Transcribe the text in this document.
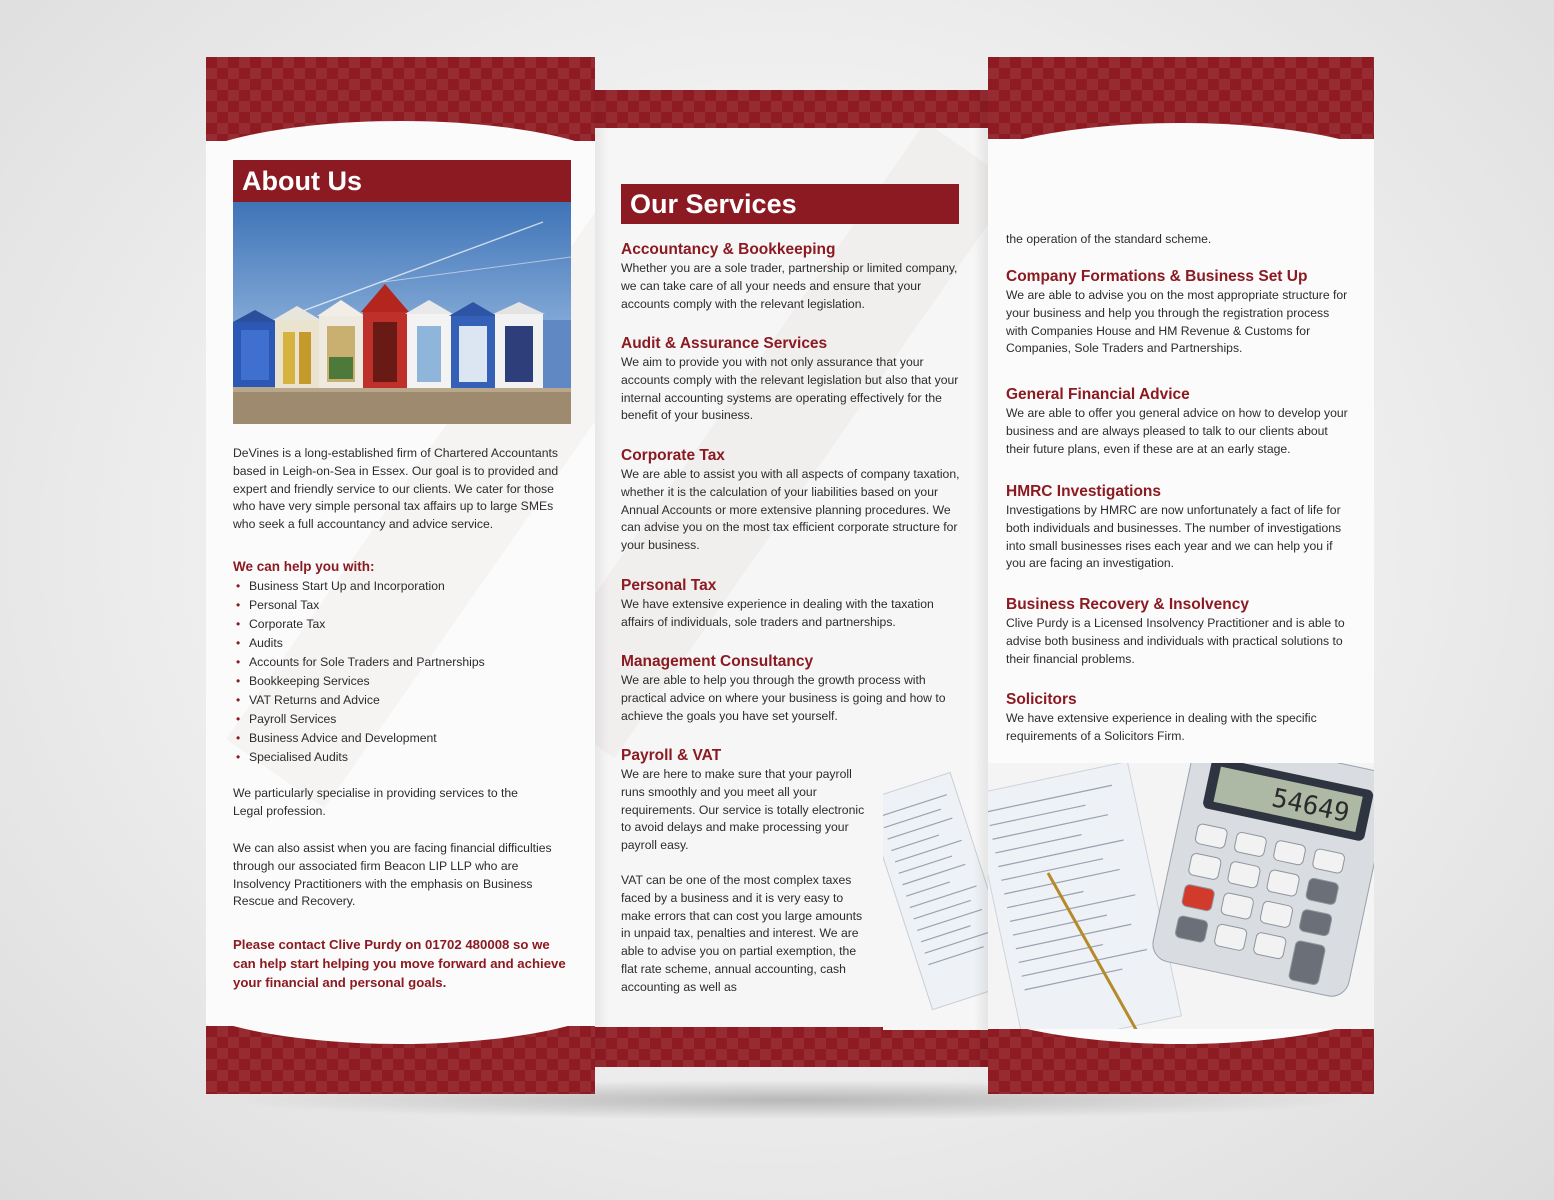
About Us

DeVines is a long-established firm of Chartered Accountants based in Leigh-on-Sea in Essex. Our goal is to provided and expert and friendly service to our clients. We cater for those who have very simple personal tax affairs up to large SMEs who seek a full accountancy and advice service.

We can help you with:

• Business Start Up and Incorporation
• Personal Tax
• Corporate Tax
• Audits
• Accounts for Sole Traders and Partnerships
• Bookkeeping Services
• VAT Returns and Advice
• Payroll Services
• Business Advice and Development
• Specialised Audits

We particularly specialise in providing services to the Legal profession.

We can also assist when you are facing financial difficulties through our associated firm Beacon LIP LLP who are Insolvency Practitioners with the emphasis on Business Rescue and Recovery.

Please contact Clive Purdy on 01702 480008 so we can help start helping you move forward and achieve your financial and personal goals.

Our Services

Accountancy & Bookkeeping

Whether you are a sole trader, partnership or limited company, we can take care of all your needs and ensure that your accounts comply with the relevant legislation.

Audit & Assurance Services

We aim to provide you with not only assurance that your accounts comply with the relevant legislation but also that your internal accounting systems are operating effectively for the benefit of your business.

Corporate Tax

We are able to assist you with all aspects of company taxation, whether it is the calculation of your liabilities based on your Annual Accounts or more extensive planning procedures. We can advise you on the most tax efficient corporate structure for your business.

Personal Tax

We have extensive experience in dealing with the taxation affairs of individuals, sole traders and partnerships.

Management Consultancy

We are able to help you through the growth process with practical advice on where your business is going and how to achieve the goals you have set yourself.

Payroll & VAT

We are here to make sure that your payroll runs smoothly and you meet all your requirements. Our service is totally electronic to avoid delays and make processing your payroll easy.

VAT can be one of the most complex taxes faced by a business and it is very easy to make errors that can cost you large amounts in unpaid tax, penalties and interest. We are able to advise you on partial exemption, the flat rate scheme, annual accounting, cash accounting as well as

the operation of the standard scheme.

Company Formations & Business Set Up

We are able to advise you on the most appropriate structure for your business and help you through the registration process with Companies House and HM Revenue & Customs for Companies, Sole Traders and Partnerships.

General Financial Advice

We are able to offer you general advice on how to develop your business and are always pleased to talk to our clients about their future plans, even if these are at an early stage.

HMRC Investigations

Investigations by HMRC are now unfortunately a fact of life for both individuals and businesses. The number of investigations into small businesses rises each year and we can help you if you are facing an investigation.

Business Recovery & Insolvency

Clive Purdy is a Licensed Insolvency Practitioner and is able to advise both business and individuals with practical solutions to their financial problems.

Solicitors

We have extensive experience in dealing with the specific requirements of a Solicitors Firm.

54649
